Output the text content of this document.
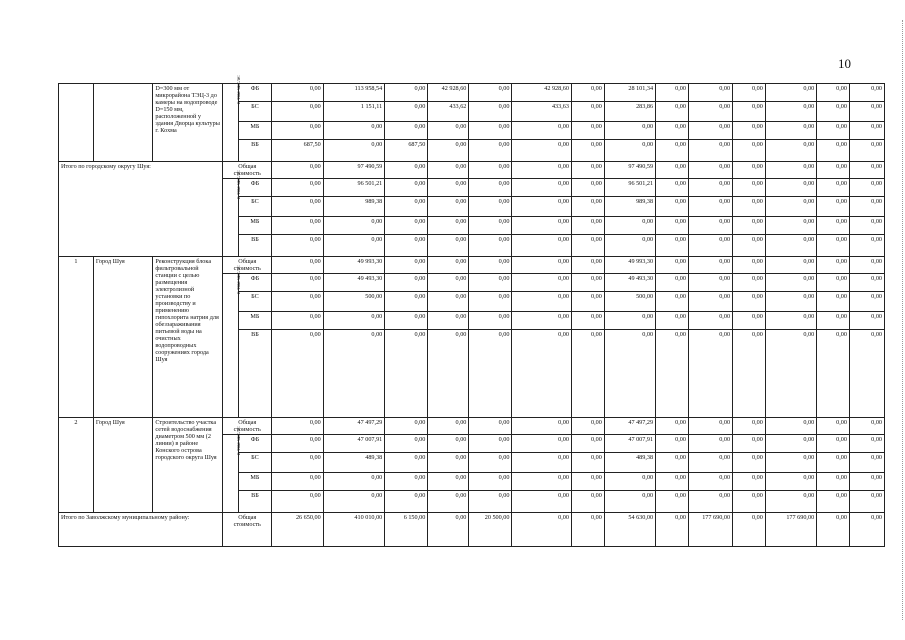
10
		D=300 мм от микрорайона ТЭЦ-3 до камеры на водопроводе D=150 мм, расположенной у здания Дворца культуры г. Кохма	в том числе:	ФБ	0,00	113 958,54	0,00	42 928,60	0,00	42 928,60	0,00	28 101,34	0,00	0,00	0,00	0,00	0,00	0,00
				БС	0,00	1 151,11	0,00	433,62	0,00	433,63	0,00	283,86	0,00	0,00	0,00	0,00	0,00	0,00
				МБ	0,00	0,00	0,00	0,00	0,00	0,00	0,00	0,00	0,00	0,00	0,00	0,00	0,00	0,00
				ВБ	687,50	0,00	687,50	0,00	0,00	0,00	0,00	0,00	0,00	0,00	0,00	0,00	0,00	0,00
Итого по городскому округу Шуя:			Общая стоимость		0,00	97 490,59	0,00	0,00	0,00	0,00	0,00	97 490,59	0,00	0,00	0,00	0,00	0,00	0,00
			в том числе:	ФБ	0,00	96 501,21	0,00	0,00	0,00	0,00	0,00	96 501,21	0,00	0,00	0,00	0,00	0,00	0,00
				БС	0,00	989,38	0,00	0,00	0,00	0,00	0,00	989,38	0,00	0,00	0,00	0,00	0,00	0,00
				МБ	0,00	0,00	0,00	0,00	0,00	0,00	0,00	0,00	0,00	0,00	0,00	0,00	0,00	0,00
				ВБ	0,00	0,00	0,00	0,00	0,00	0,00	0,00	0,00	0,00	0,00	0,00	0,00	0,00	0,00
1	Город Шуя	Реконструкция блока фильтровальной станции с целью размещения электролизной установки по производству и применению гипохлорита натрия для обеззараживания питьевой воды на очистных водопроводных сооружениях города Шуя	Общая стоимость		0,00	49 993,30	0,00	0,00	0,00	0,00	0,00	49 993,30	0,00	0,00	0,00	0,00	0,00	0,00
			в том числе:	ФБ	0,00	49 493,30	0,00	0,00	0,00	0,00	0,00	49 493,30	0,00	0,00	0,00	0,00	0,00	0,00
				БС	0,00	500,00	0,00	0,00	0,00	0,00	0,00	500,00	0,00	0,00	0,00	0,00	0,00	0,00
				МБ	0,00	0,00	0,00	0,00	0,00	0,00	0,00	0,00	0,00	0,00	0,00	0,00	0,00	0,00
				ВБ	0,00	0,00	0,00	0,00	0,00	0,00	0,00	0,00	0,00	0,00	0,00	0,00	0,00	0,00
2	Город Шуя	Строительство участка сетей водоснабжения диаметром 500 мм (2 линии) в районе Конского острова городского округа Шуя	Общая стоимость		0,00	47 497,29	0,00	0,00	0,00	0,00	0,00	47 497,29	0,00	0,00	0,00	0,00	0,00	0,00
			в том числе:	ФБ	0,00	47 007,91	0,00	0,00	0,00	0,00	0,00	47 007,91	0,00	0,00	0,00	0,00	0,00	0,00
				БС	0,00	489,38	0,00	0,00	0,00	0,00	0,00	489,38	0,00	0,00	0,00	0,00	0,00	0,00
				МБ	0,00	0,00	0,00	0,00	0,00	0,00	0,00	0,00	0,00	0,00	0,00	0,00	0,00	0,00
				ВБ	0,00	0,00	0,00	0,00	0,00	0,00	0,00	0,00	0,00	0,00	0,00	0,00	0,00	0,00
Итого по Заволжскому муниципальному району:			Общая стоимость		26 650,00	410 010,00	6 150,00	0,00	20 500,00	0,00	0,00	54 630,00	0,00	177 690,00	0,00	177 690,00	0,00	0,00
